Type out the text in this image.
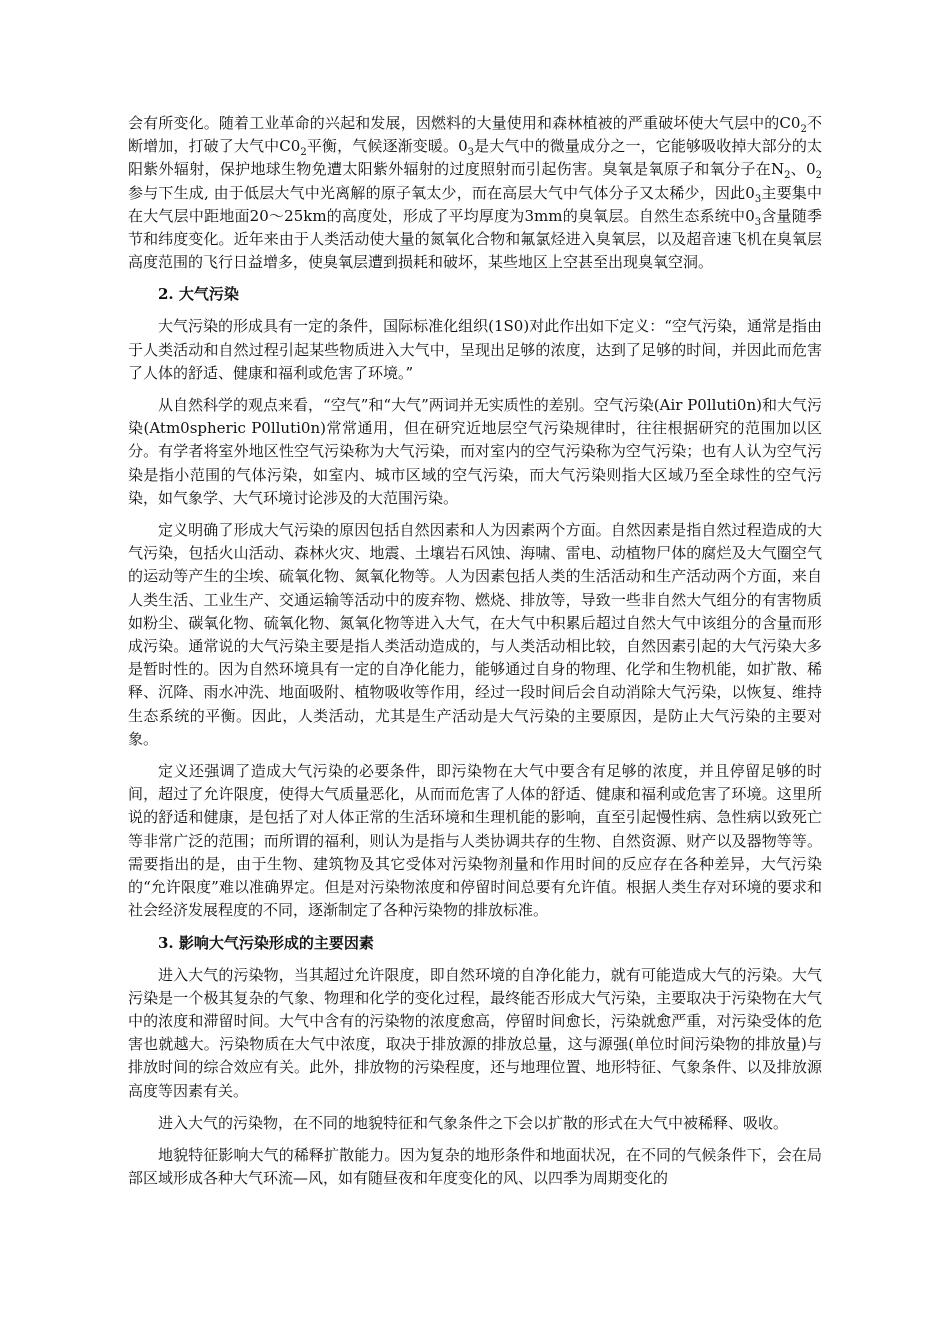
会有所变化。随着工业革命的兴起和发展，因燃料的大量使用和森林植被的严重破坏使大气层中的$C0_2$不断增加，打破了大气中$C0_2$平衡，气候逐渐变暖。$0_3$是大气中的微量成分之一，它能够吸收掉大部分的太阳紫外辐射，保护地球生物免遭太阳紫外辐射的过度照射而引起伤害。臭氧是氧原子和氧分子在$N_2$、$0_2$参与下生成, 由于低层大气中光离解的原子氧太少，而在高层大气中气体分子又太稀少，因此$0_3$主要集中在大气层中距地面20～25km的高度处，形成了平均厚度为3mm的臭氧层。自然生态系统中$0_3$含量随季节和纬度变化。近年来由于人类活动使大量的氮氧化合物和氟氯烃进入臭氧层，以及超音速飞机在臭氧层高度范围的飞行日益增多，使臭氧层遭到损耗和破坏，某些地区上空甚至出现臭氧空洞。

2. 大气污染

大气污染的形成具有一定的条件，国际标准化组织(1S0)对此作出如下定义：“空气污染，通常是指由于人类活动和自然过程引起某些物质进入大气中，呈现出足够的浓度，达到了足够的时间，并因此而危害了人体的舒适、健康和福利或危害了环境。”

从自然科学的观点来看，“空气”和“大气”两词并无实质性的差别。空气污染(Air P0lluti0n)和大气污染(Atm0spheric P0lluti0n)常常通用，但在研究近地层空气污染规律时，往往根据研究的范围加以区分。有学者将室外地区性空气污染称为大气污染，而对室内的空气污染称为空气污染；也有人认为空气污染是指小范围的气体污染，如室内、城市区域的空气污染，而大气污染则指大区域乃至全球性的空气污染，如气象学、大气环境讨论涉及的大范围污染。

定义明确了形成大气污染的原因包括自然因素和人为因素两个方面。自然因素是指自然过程造成的大气污染，包括火山活动、森林火灾、地震、土壤岩石风蚀、海啸、雷电、动植物尸体的腐烂及大气圈空气的运动等产生的尘埃、硫氧化物、氮氧化物等。人为因素包括人类的生活活动和生产活动两个方面，来自人类生活、工业生产、交通运输等活动中的废弃物、燃烧、排放等，导致一些非自然大气组分的有害物质如粉尘、碳氧化物、硫氧化物、氮氧化物等进入大气，在大气中积累后超过自然大气中该组分的含量而形成污染。通常说的大气污染主要是指人类活动造成的，与人类活动相比较，自然因素引起的大气污染大多是暂时性的。因为自然环境具有一定的自净化能力，能够通过自身的物理、化学和生物机能，如扩散、稀释、沉降、雨水冲洗、地面吸附、植物吸收等作用，经过一段时间后会自动消除大气污染，以恢复、维持生态系统的平衡。因此，人类活动，尤其是生产活动是大气污染的主要原因，是防止大气污染的主要对象。

定义还强调了造成大气污染的必要条件，即污染物在大气中要含有足够的浓度，并且停留足够的时间，超过了允许限度，使得大气质量恶化，从而而危害了人体的舒适、健康和福利或危害了环境。这里所说的舒适和健康，是包括了对人体正常的生活环境和生理机能的影响，直至引起慢性病、急性病以致死亡等非常广泛的范围；而所谓的福利，则认为是指与人类协调共存的生物、自然资源、财产以及器物等等。需要指出的是，由于生物、建筑物及其它受体对污染物剂量和作用时间的反应存在各种差异，大气污染的“允许限度”难以准确界定。但是对污染物浓度和停留时间总要有允许值。根据人类生存对环境的要求和社会经济发展程度的不同，逐渐制定了各种污染物的排放标准。

3. 影响大气污染形成的主要因素

进入大气的污染物，当其超过允许限度，即自然环境的自净化能力，就有可能造成大气的污染。大气污染是一个极其复杂的气象、物理和化学的变化过程，最终能否形成大气污染，主要取决于污染物在大气中的浓度和滞留时间。大气中含有的污染物的浓度愈高，停留时间愈长，污染就愈严重，对污染受体的危害也就越大。污染物质在大气中浓度，取决于排放源的排放总量，这与源强(单位时间污染物的排放量)与排放时间的综合效应有关。此外，排放物的污染程度，还与地理位置、地形特征、气象条件、以及排放源高度等因素有关。

进入大气的污染物，在不同的地貌特征和气象条件之下会以扩散的形式在大气中被稀释、吸收。

地貌特征影响大气的稀释扩散能力。因为复杂的地形条件和地面状况，在不同的气候条件下，会在局部区域形成各种大气环流—风，如有随昼夜和年度变化的风、以四季为周期变化的
